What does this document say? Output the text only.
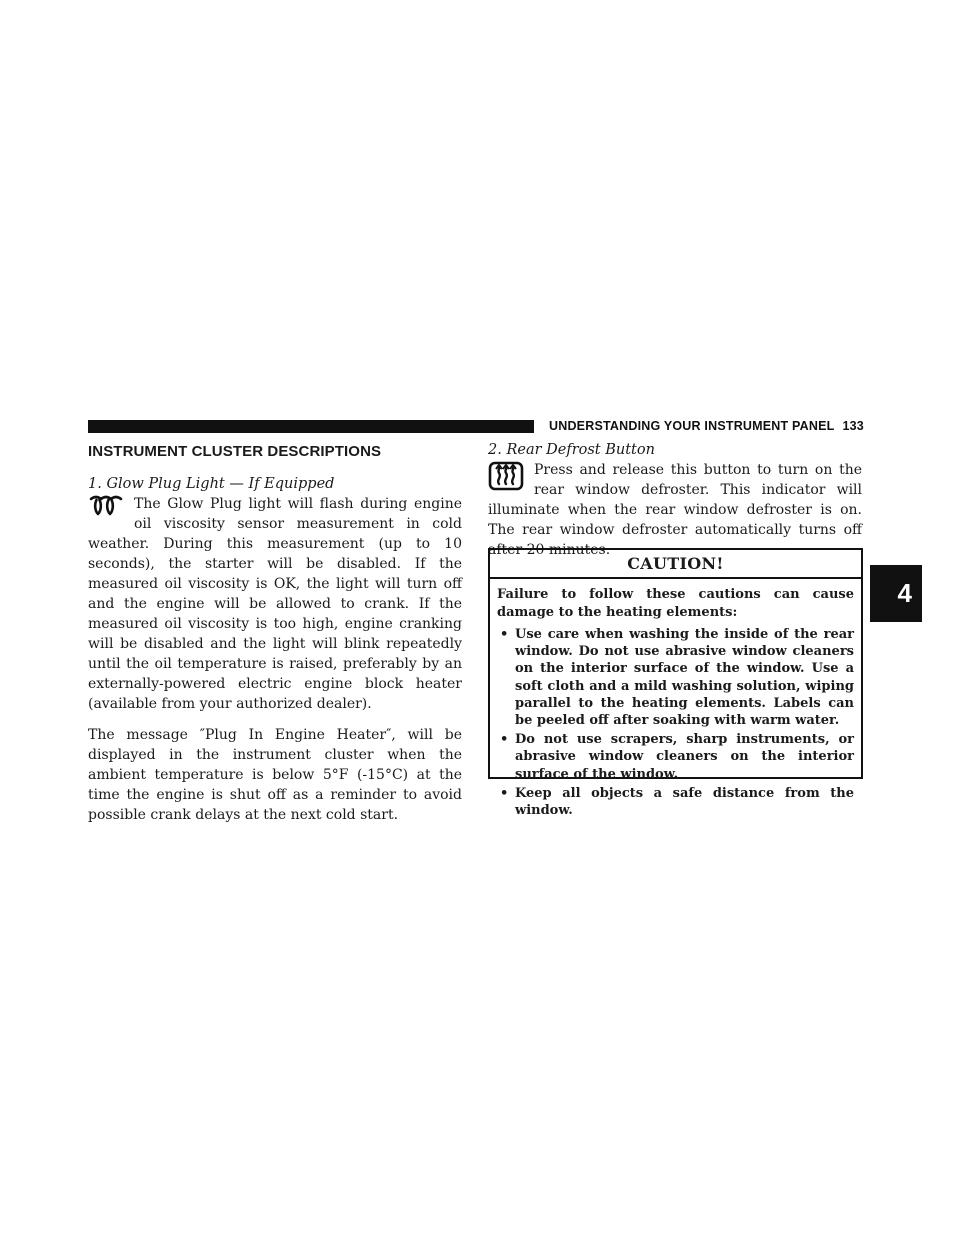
UNDERSTANDING YOUR INSTRUMENT PANEL 133
4
INSTRUMENT CLUSTER DESCRIPTIONS

1. Glow Plug Light — If Equipped

The Glow Plug light will flash during engine oil viscosity sensor measurement in cold weather. During this measurement (up to 10 seconds), the starter will be disabled. If the measured oil viscosity is OK, the light will turn off and the engine will be allowed to crank. If the measured oil viscosity is too high, engine cranking will be disabled and the light will blink repeatedly until the oil temperature is raised, preferably by an externally-powered electric engine block heater (available from your authorized dealer).

The message ″Plug In Engine Heater″, will be displayed in the instrument cluster when the ambient temperature is below 5°F (-15°C) at the time the engine is shut off as a reminder to avoid possible crank delays at the next cold start.

2. Rear Defrost Button

Press and release this button to turn on the rear window defroster. This indicator will illuminate when the rear window defroster is on. The rear window defroster automatically turns off after 20 minutes.

CAUTION!

Failure to follow these cautions can cause damage to the heating elements:

• Use care when washing the inside of the rear window. Do not use abrasive window cleaners on the interior surface of the window. Use a soft cloth and a mild washing solution, wiping parallel to the heating elements. Labels can be peeled off after soaking with warm water.
• Do not use scrapers, sharp instruments, or abrasive window cleaners on the interior surface of the window.
• Keep all objects a safe distance from the window.
